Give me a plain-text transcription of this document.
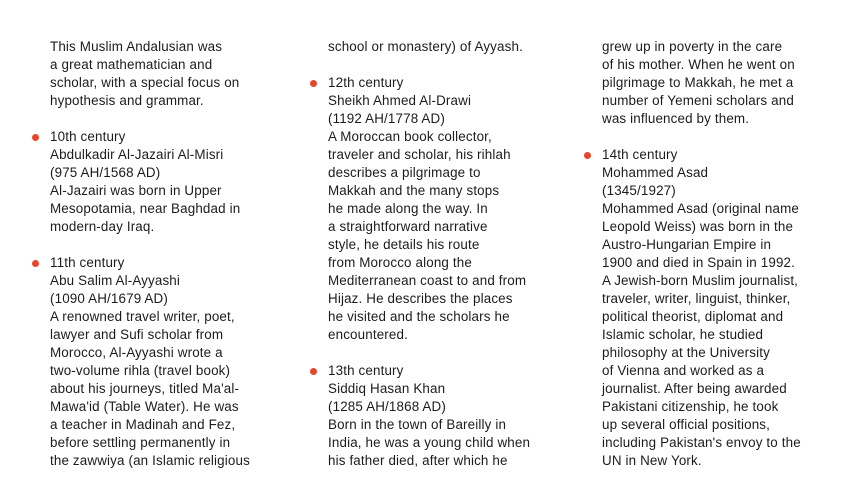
This Muslim Andalusian was
a great mathematician and
scholar, with a special focus on
hypothesis and grammar.
10th century
Abdulkadir Al-Jazairi Al-Misri
(975 AH/1568 AD)
Al-Jazairi was born in Upper
Mesopotamia, near Baghdad in
modern-day Iraq.
11th century
Abu Salim Al-Ayyashi
(1090 AH/1679 AD)
A renowned travel writer, poet,
lawyer and Sufi scholar from
Morocco, Al-Ayyashi wrote a
two-volume rihla (travel book)
about his journeys, titled Ma'al-
Mawa'id (Table Water). He was
a teacher in Madinah and Fez,
before settling permanently in
the zawwiya (an Islamic religious
school or monastery) of Ayyash.
12th century
Sheikh Ahmed Al-Drawi
(1192 AH/1778 AD)
A Moroccan book collector,
traveler and scholar, his rihlah
describes a pilgrimage to
Makkah and the many stops
he made along the way. In
a straightforward narrative
style, he details his route
from Morocco along the
Mediterranean coast to and from
Hijaz. He describes the places
he visited and the scholars he
encountered.
13th century
Siddiq Hasan Khan
(1285 AH/1868 AD)
Born in the town of Bareilly in
India, he was a young child when
his father died, after which he
grew up in poverty in the care
of his mother. When he went on
pilgrimage to Makkah, he met a
number of Yemeni scholars and
was influenced by them.
14th century
Mohammed Asad
(1345/1927)
Mohammed Asad (original name
Leopold Weiss) was born in the
Austro-Hungarian Empire in
1900 and died in Spain in 1992.
A Jewish-born Muslim journalist,
traveler, writer, linguist, thinker,
political theorist, diplomat and
Islamic scholar, he studied
philosophy at the University
of Vienna and worked as a
journalist. After being awarded
Pakistani citizenship, he took
up several official positions,
including Pakistan's envoy to the
UN in New York.
